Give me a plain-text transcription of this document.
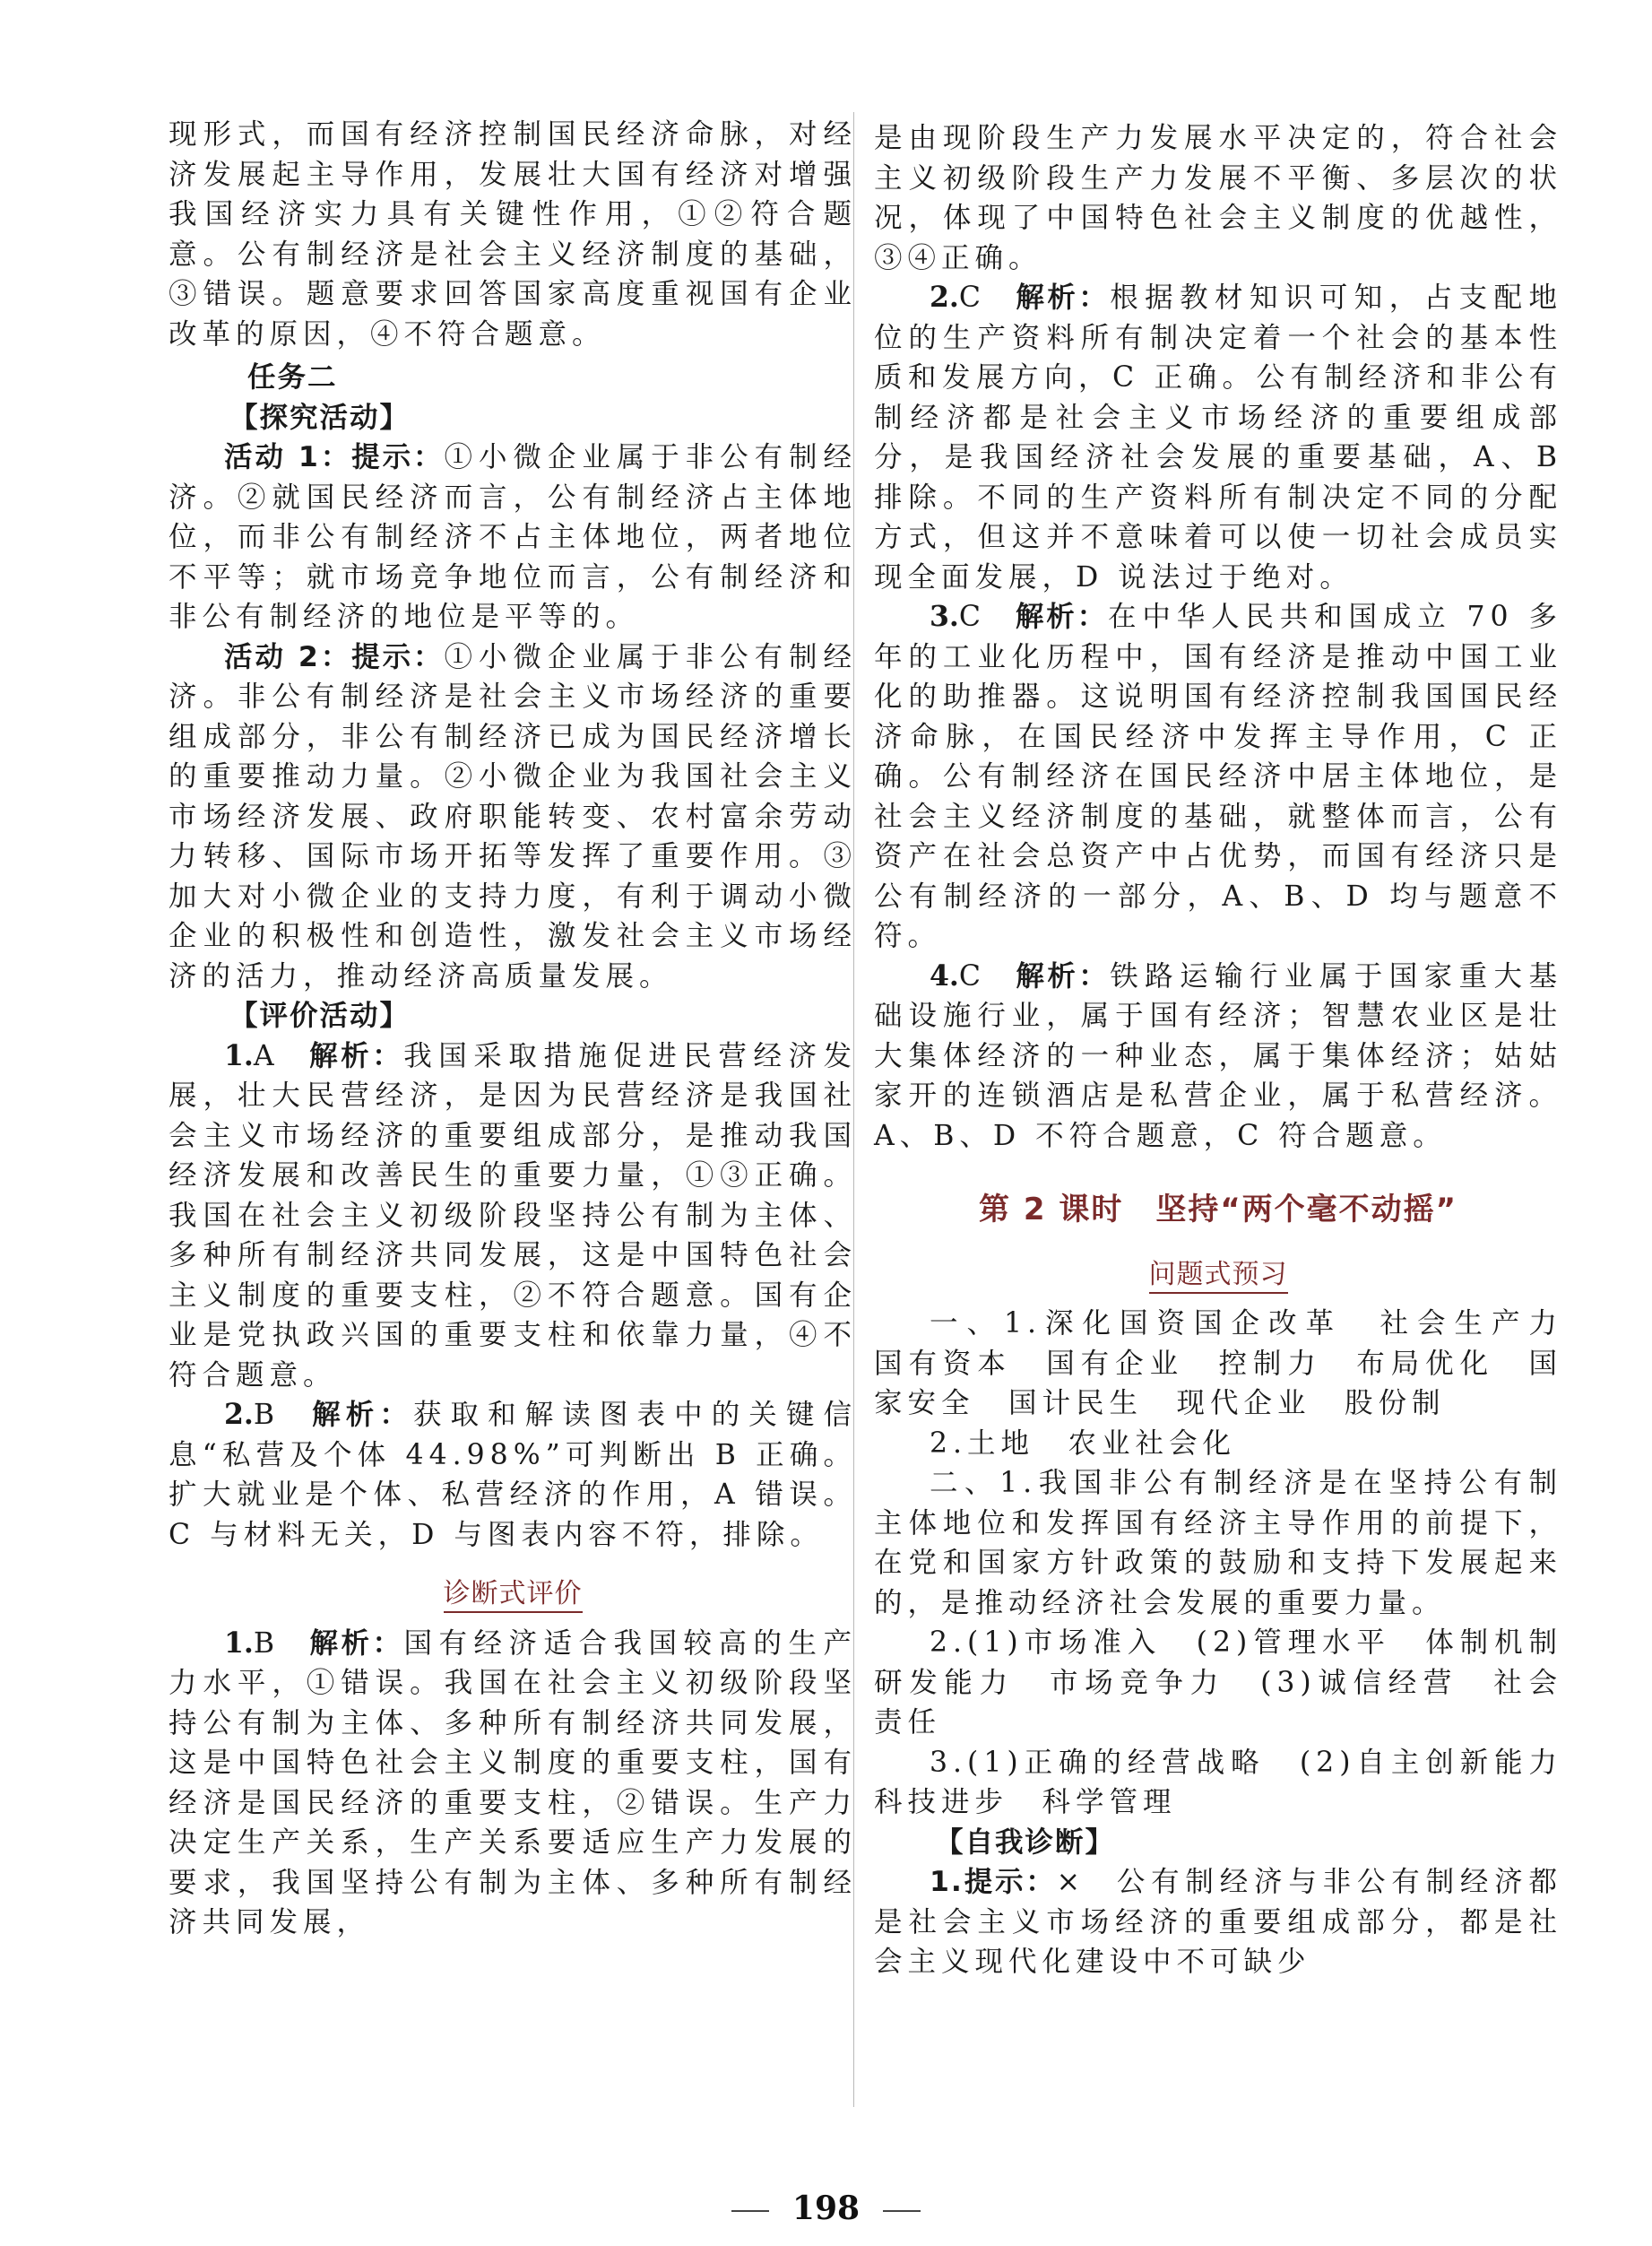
现形式，而国有经济控制国民经济命脉，对经济发展起主导作用，发展壮大国有经济对增强我国经济实力具有关键性作用，①②符合题意。公有制经济是社会主义经济制度的基础，③错误。题意要求回答国家高度重视国有企业改革的原因，④不符合题意。

任务二

【探究活动】

活动 1：提示：①小微企业属于非公有制经济。②就国民经济而言，公有制经济占主体地位，而非公有制经济不占主体地位，两者地位不平等；就市场竞争地位而言，公有制经济和非公有制经济的地位是平等的。

活动 2：提示：①小微企业属于非公有制经济。非公有制经济是社会主义市场经济的重要组成部分，非公有制经济已成为国民经济增长的重要推动力量。②小微企业为我国社会主义市场经济发展、政府职能转变、农村富余劳动力转移、国际市场开拓等发挥了重要作用。③加大对小微企业的支持力度，有利于调动小微企业的积极性和创造性，激发社会主义市场经济的活力，推动经济高质量发展。

【评价活动】

1.A 解析：我国采取措施促进民营经济发展，壮大民营经济，是因为民营经济是我国社会主义市场经济的重要组成部分，是推动我国经济发展和改善民生的重要力量，①③正确。我国在社会主义初级阶段坚持公有制为主体、多种所有制经济共同发展，这是中国特色社会主义制度的重要支柱，②不符合题意。国有企业是党执政兴国的重要支柱和依靠力量，④不符合题意。

2.B 解析：获取和解读图表中的关键信息“私营及个体 44.98%”可判断出 B 正确。扩大就业是个体、私营经济的作用，A 错误。C 与材料无关，D 与图表内容不符，排除。

诊断式评价

1.B 解析：国有经济适合我国较高的生产力水平，①错误。我国在社会主义初级阶段坚持公有制为主体、多种所有制经济共同发展，这是中国特色社会主义制度的重要支柱，国有经济是国民经济的重要支柱，②错误。生产力决定生产关系，生产关系要适应生产力发展的要求，我国坚持公有制为主体、多种所有制经济共同发展，

是由现阶段生产力发展水平决定的，符合社会主义初级阶段生产力发展不平衡、多层次的状况，体现了中国特色社会主义制度的优越性，③④正确。

2.C 解析：根据教材知识可知，占支配地位的生产资料所有制决定着一个社会的基本性质和发展方向，C 正确。公有制经济和非公有制经济都是社会主义市场经济的重要组成部分，是我国经济社会发展的重要基础，A、B 排除。不同的生产资料所有制决定不同的分配方式，但这并不意味着可以使一切社会成员实现全面发展，D 说法过于绝对。

3.C 解析：在中华人民共和国成立 70 多年的工业化历程中，国有经济是推动中国工业化的助推器。这说明国有经济控制我国国民经济命脉，在国民经济中发挥主导作用，C 正确。公有制经济在国民经济中居主体地位，是社会主义经济制度的基础，就整体而言，公有资产在社会总资产中占优势，而国有经济只是公有制经济的一部分，A、B、D 均与题意不符。

4.C 解析：铁路运输行业属于国家重大基础设施行业，属于国有经济；智慧农业区是壮大集体经济的一种业态，属于集体经济；姑姑家开的连锁酒店是私营企业，属于私营经济。A、B、D 不符合题意，C 符合题意。

第 2 课时　坚持“两个毫不动摇”
问题式预习

一、1.深化国资国企改革　社会生产力　国有资本　国有企业　控制力　布局优化　国家安全　国计民生　现代企业　股份制

2.土地　农业社会化

二、1.我国非公有制经济是在坚持公有制主体地位和发挥国有经济主导作用的前提下，在党和国家方针政策的鼓励和支持下发展起来的，是推动经济社会发展的重要力量。

2.(1)市场准入　(2)管理水平　体制机制　研发能力　市场竞争力　(3)诚信经营　社会责任

3.(1)正确的经营战略　(2)自主创新能力　科技进步　科学管理

【自我诊断】

1.提示：× 公有制经济与非公有制经济都是社会主义市场经济的重要组成部分，都是社会主义现代化建设中不可缺少

198
